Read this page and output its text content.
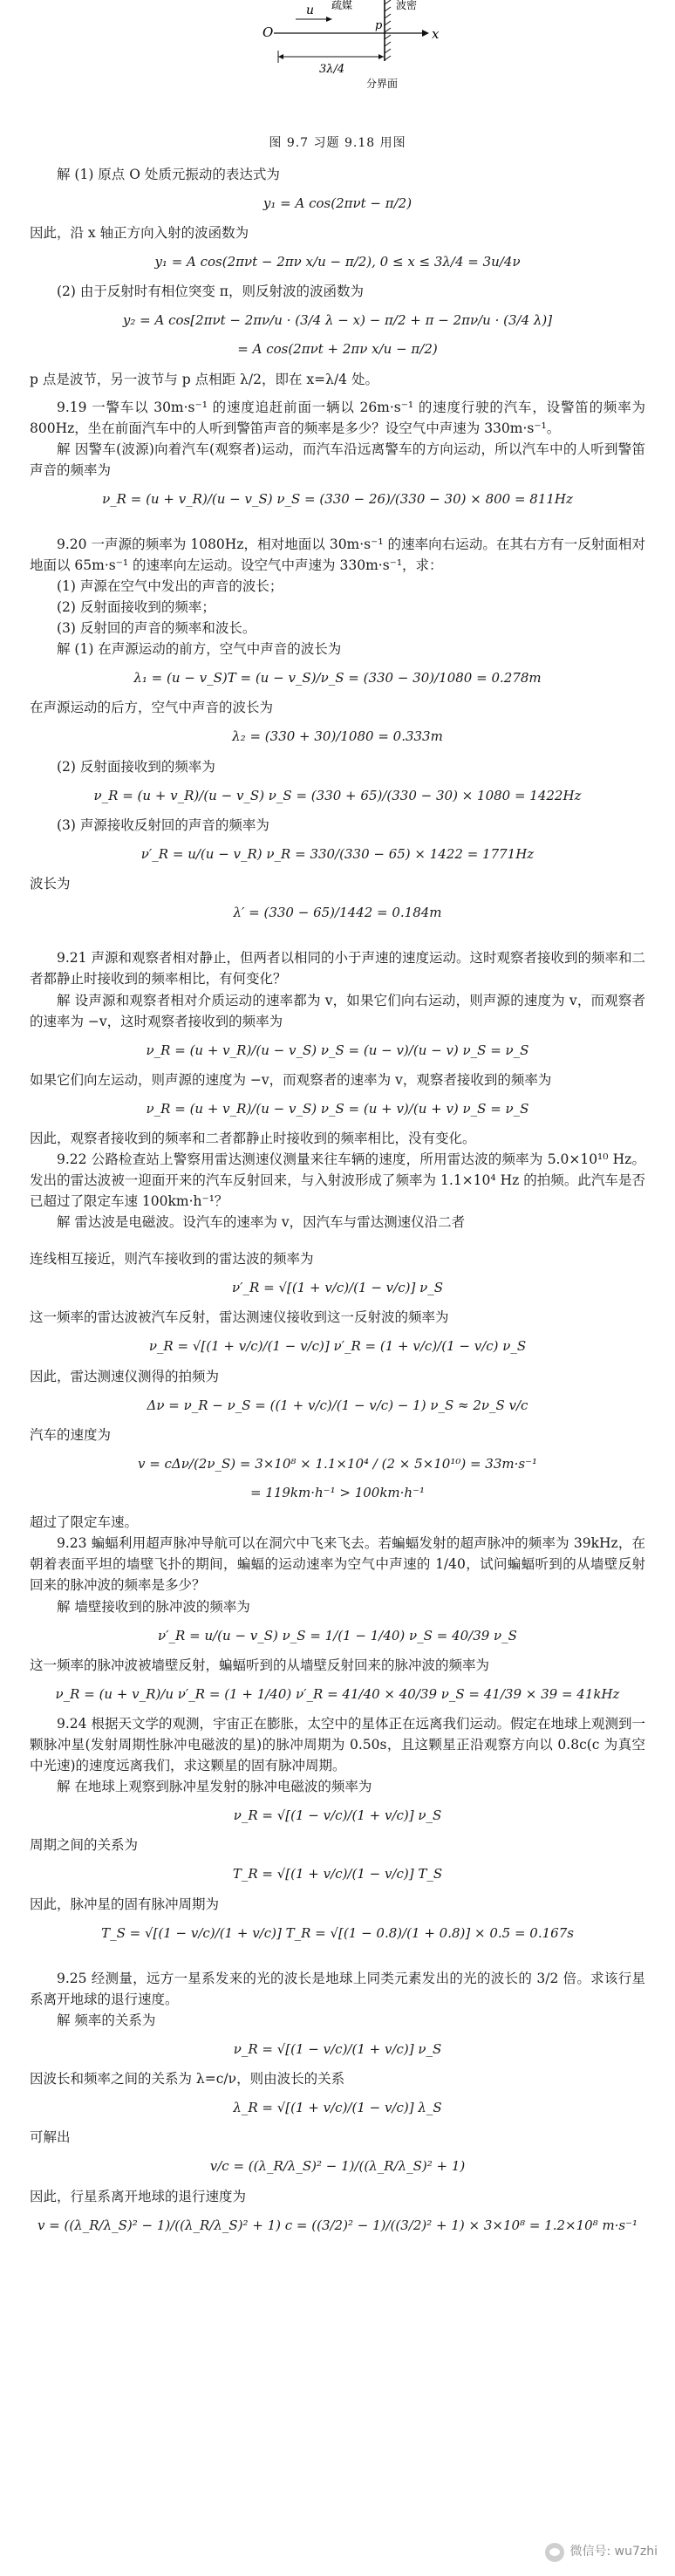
O
u
x
p
疏媒	波密
3λ/4
分界面
图 9.7 习题 9.18 用图

解 (1) 原点 O 处质元振动的表达式为

y₁ = A cos(2πνt − π/2)

因此，沿 x 轴正方向入射的波函数为

y₁ = A cos(2πνt − 2πν x/u − π/2), 0 ≤ x ≤ 3λ/4 = 3u/4ν

(2) 由于反射时有相位突变 π，则反射波的波函数为

y₂ = A cos[2πνt − 2πν/u · (3/4 λ − x) − π/2 + π − 2πν/u · (3/4 λ)]
= A cos(2πνt + 2πν x/u − π/2)

p 点是波节，另一波节与 p 点相距 λ/2，即在 x=λ/4 处。

9.19 一警车以 30m·s⁻¹ 的速度追赶前面一辆以 26m·s⁻¹ 的速度行驶的汽车，设警笛的频率为 800Hz，坐在前面汽车中的人听到警笛声音的频率是多少？设空气中声速为 330m·s⁻¹。

解 因警车(波源)向着汽车(观察者)运动，而汽车沿远离警车的方向运动，所以汽车中的人听到警笛声音的频率为

ν_R = (u + v_R)/(u − v_S) ν_S = (330 − 26)/(330 − 30) × 800 = 811Hz

9.20 一声源的频率为 1080Hz，相对地面以 30m·s⁻¹ 的速率向右运动。在其右方有一反射面相对地面以 65m·s⁻¹ 的速率向左运动。设空气中声速为 330m·s⁻¹，求：

(1) 声源在空气中发出的声音的波长；

(2) 反射面接收到的频率；

(3) 反射回的声音的频率和波长。

解 (1) 在声源运动的前方，空气中声音的波长为

λ₁ = (u − v_S)T = (u − v_S)/ν_S = (330 − 30)/1080 = 0.278m

在声源运动的后方，空气中声音的波长为

λ₂ = (330 + 30)/1080 = 0.333m

(2) 反射面接收到的频率为

ν_R = (u + v_R)/(u − v_S) ν_S = (330 + 65)/(330 − 30) × 1080 = 1422Hz

(3) 声源接收反射回的声音的频率为

ν′_R = u/(u − v_R) ν_R = 330/(330 − 65) × 1422 = 1771Hz

波长为

λ′ = (330 − 65)/1442 = 0.184m

9.21 声源和观察者相对静止，但两者以相同的小于声速的速度运动。这时观察者接收到的频率和二者都静止时接收到的频率相比，有何变化？

解 设声源和观察者相对介质运动的速率都为 v，如果它们向右运动，则声源的速度为 v，而观察者的速率为 −v，这时观察者接收到的频率为

ν_R = (u + v_R)/(u − v_S) ν_S = (u − v)/(u − v) ν_S = ν_S

如果它们向左运动，则声源的速度为 −v，而观察者的速率为 v，观察者接收到的频率为

ν_R = (u + v_R)/(u − v_S) ν_S = (u + v)/(u + v) ν_S = ν_S

因此，观察者接收到的频率和二者都静止时接收到的频率相比，没有变化。

9.22 公路检查站上警察用雷达测速仪测量来往车辆的速度，所用雷达波的频率为 5.0×10¹⁰ Hz。发出的雷达波被一迎面开来的汽车反射回来，与入射波形成了频率为 1.1×10⁴ Hz 的拍频。此汽车是否已超过了限定车速 100km·h⁻¹？

解 雷达波是电磁波。设汽车的速率为 v，因汽车与雷达测速仪沿二者

连线相互接近，则汽车接收到的雷达波的频率为

ν′_R = √[(1 + v/c)/(1 − v/c)] ν_S

这一频率的雷达波被汽车反射，雷达测速仪接收到这一反射波的频率为

ν_R = √[(1 + v/c)/(1 − v/c)] ν′_R = (1 + v/c)/(1 − v/c) ν_S

因此，雷达测速仪测得的拍频为

Δν = ν_R − ν_S = ((1 + v/c)/(1 − v/c) − 1) ν_S ≈ 2ν_S v/c

汽车的速度为

v = cΔν/(2ν_S) = 3×10⁸ × 1.1×10⁴ / (2 × 5×10¹⁰) = 33m·s⁻¹
= 119km·h⁻¹ > 100km·h⁻¹

超过了限定车速。

9.23 蝙蝠利用超声脉冲导航可以在洞穴中飞来飞去。若蝙蝠发射的超声脉冲的频率为 39kHz，在朝着表面平坦的墙壁飞扑的期间，蝙蝠的运动速率为空气中声速的 1/40，试问蝙蝠听到的从墙壁反射回来的脉冲波的频率是多少？

解 墙壁接收到的脉冲波的频率为

ν′_R = u/(u − v_S) ν_S = 1/(1 − 1/40) ν_S = 40/39 ν_S

这一频率的脉冲波被墙壁反射，蝙蝠听到的从墙壁反射回来的脉冲波的频率为

ν_R = (u + v_R)/u ν′_R = (1 + 1/40) ν′_R = 41/40 × 40/39 ν_S = 41/39 × 39 = 41kHz

9.24 根据天文学的观测，宇宙正在膨胀，太空中的星体正在远离我们运动。假定在地球上观测到一颗脉冲星(发射周期性脉冲电磁波的星)的脉冲周期为 0.50s，且这颗星正沿观察方向以 0.8c(c 为真空中光速)的速度远离我们，求这颗星的固有脉冲周期。

解 在地球上观察到脉冲星发射的脉冲电磁波的频率为

ν_R = √[(1 − v/c)/(1 + v/c)] ν_S

周期之间的关系为

T_R = √[(1 + v/c)/(1 − v/c)] T_S

因此，脉冲星的固有脉冲周期为

T_S = √[(1 − v/c)/(1 + v/c)] T_R = √[(1 − 0.8)/(1 + 0.8)] × 0.5 = 0.167s

9.25 经测量，远方一星系发来的光的波长是地球上同类元素发出的光的波长的 3/2 倍。求该行星系离开地球的退行速度。

解 频率的关系为

ν_R = √[(1 − v/c)/(1 + v/c)] ν_S

因波长和频率之间的关系为 λ=c/ν，则由波长的关系

λ_R = √[(1 + v/c)/(1 − v/c)] λ_S

可解出

v/c = ((λ_R/λ_S)² − 1)/((λ_R/λ_S)² + 1)

因此，行星系离开地球的退行速度为

v = ((λ_R/λ_S)² − 1)/((λ_R/λ_S)² + 1) c = ((3/2)² − 1)/((3/2)² + 1) × 3×10⁸ = 1.2×10⁸ m·s⁻¹
微信号: wu7zhi
